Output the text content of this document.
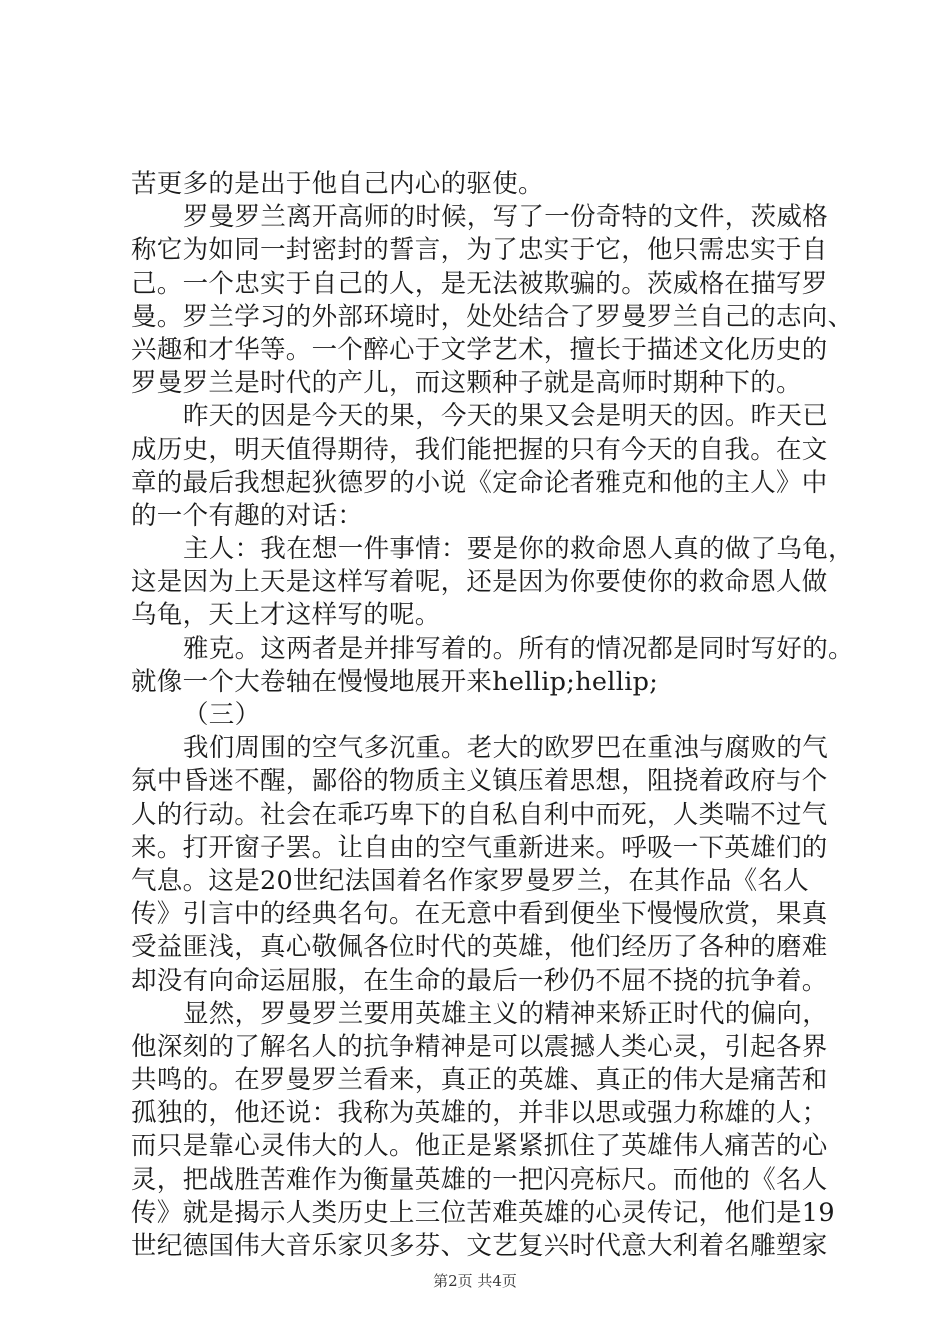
苦更多的是出于他自己内心的驱使。
罗曼罗兰离开高师的时候，写了一份奇特的文件，茨威格
称它为如同一封密封的誓言，为了忠实于它，他只需忠实于自
己。一个忠实于自己的人，是无法被欺骗的。茨威格在描写罗
曼。罗兰学习的外部环境时，处处结合了罗曼罗兰自己的志向、
兴趣和才华等。一个醉心于文学艺术，擅长于描述文化历史的
罗曼罗兰是时代的产儿，而这颗种子就是高师时期种下的。
昨天的因是今天的果，今天的果又会是明天的因。昨天已
成历史，明天值得期待，我们能把握的只有今天的自我。在文
章的最后我想起狄德罗的小说《定命论者雅克和他的主人》中
的一个有趣的对话：
主人：我在想一件事情：要是你的救命恩人真的做了乌龟，
这是因为上天是这样写着呢，还是因为你要使你的救命恩人做
乌龟，天上才这样写的呢。
雅克。这两者是并排写着的。所有的情况都是同时写好的。
就像一个大卷轴在慢慢地展开来hellip;hellip;
（三）
我们周围的空气多沉重。老大的欧罗巴在重浊与腐败的气
氛中昏迷不醒，鄙俗的物质主义镇压着思想，阻挠着政府与个
人的行动。社会在乖巧卑下的自私自利中而死，人类喘不过气
来。打开窗子罢。让自由的空气重新进来。呼吸一下英雄们的
气息。这是20世纪法国着名作家罗曼罗兰，在其作品《名人
传》引言中的经典名句。在无意中看到便坐下慢慢欣赏，果真
受益匪浅，真心敬佩各位时代的英雄，他们经历了各种的磨难
却没有向命运屈服，在生命的最后一秒仍不屈不挠的抗争着。
显然，罗曼罗兰要用英雄主义的精神来矫正时代的偏向，
他深刻的了解名人的抗争精神是可以震撼人类心灵，引起各界
共鸣的。在罗曼罗兰看来，真正的英雄、真正的伟大是痛苦和
孤独的，他还说：我称为英雄的，并非以思或强力称雄的人；
而只是靠心灵伟大的人。他正是紧紧抓住了英雄伟人痛苦的心
灵，把战胜苦难作为衡量英雄的一把闪亮标尺。而他的《名人
传》就是揭示人类历史上三位苦难英雄的心灵传记，他们是19
世纪德国伟大音乐家贝多芬、文艺复兴时代意大利着名雕塑家
第2页 共4页
